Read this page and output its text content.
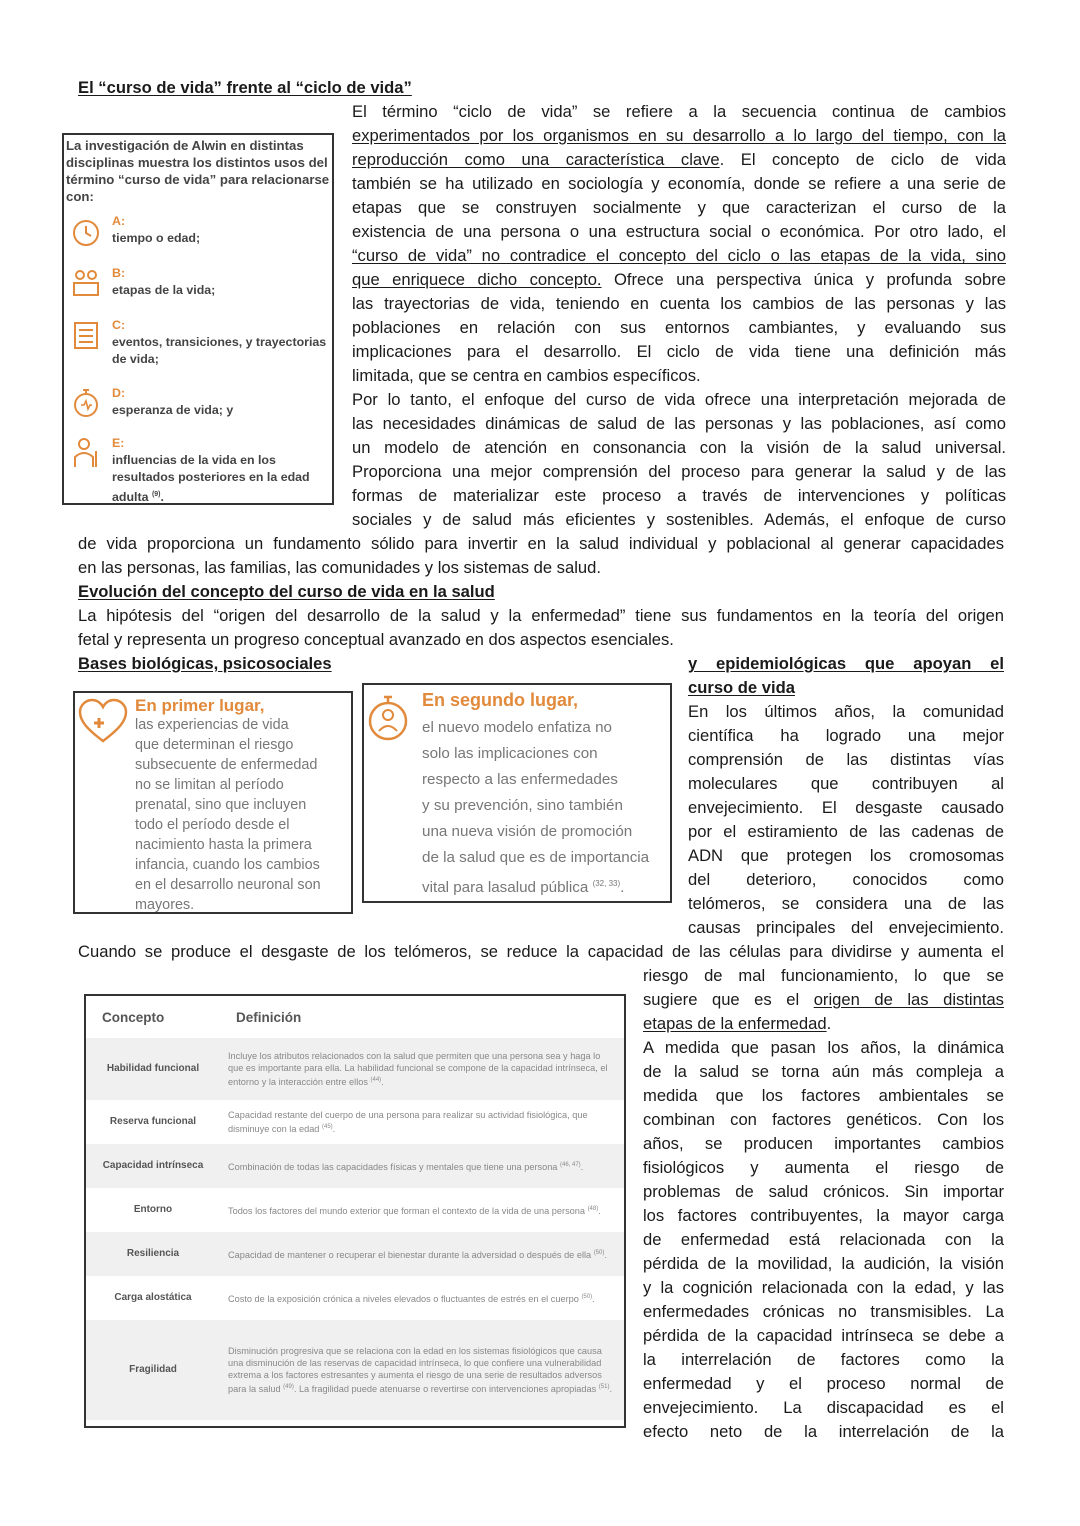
El “curso de vida” frente al “ciclo de vida”
El término “ciclo de vida” se refiere a la secuencia continua de cambios
experimentados por los organismos en su desarrollo a lo largo del tiempo, con la
reproducción como una característica clave. El concepto de ciclo de vida
también se ha utilizado en sociología y economía, donde se refiere a una serie de
etapas que se construyen socialmente y que caracterizan el curso de la
existencia de una persona o una estructura social o económica. Por otro lado, el
“curso de vida” no contradice el concepto del ciclo o las etapas de la vida, sino
que enriquece dicho concepto. Ofrece una perspectiva única y profunda sobre
las trayectorias de vida, teniendo en cuenta los cambios de las personas y las
poblaciones en relación con sus entornos cambiantes, y evaluando sus
implicaciones para el desarrollo. El ciclo de vida tiene una definición más
limitada, que se centra en cambios específicos.
Por lo tanto, el enfoque del curso de vida ofrece una interpretación mejorada de
las necesidades dinámicas de salud de las personas y las poblaciones, así como
un modelo de atención en consonancia con la visión de la salud universal.
Proporciona una mejor comprensión del proceso para generar la salud y de las
formas de materializar este proceso a través de intervenciones y políticas
sociales y de salud más eficientes y sostenibles. Además, el enfoque de curso
de vida proporciona un fundamento sólido para invertir en la salud individual y poblacional al generar capacidades
en las personas, las familias, las comunidades y los sistemas de salud.
La investigación de Alwin en distintas disciplinas muestra los distintos usos del término “curso de vida” para relacionarse con:
A:
tiempo o edad;
B:
etapas de la vida;
C:
eventos, transiciones, y trayectorias de vida;
D:
esperanza de vida; y
E:
influencias de la vida en los resultados posteriores en la edad adulta $^{(9)}$.
Evolución del concepto del curso de vida en la salud
La hipótesis del “origen del desarrollo de la salud y la enfermedad” tiene sus fundamentos en la teoría del origen
fetal y representa un progreso conceptual avanzado en dos aspectos esenciales.
Bases biológicas, psicosociales	y epidemiológicas que apoyan el
curso de vida
En primer lugar,
las experiencias de vida
que determinan el riesgo
subsecuente de enfermedad
no se limitan al período
prenatal, sino que incluyen
todo el período desde el
nacimiento hasta la primera
infancia, cuando los cambios
en el desarrollo neuronal son
mayores.
En segundo lugar,
el nuevo modelo enfatiza no
solo las implicaciones con
respecto a las enfermedades
y su prevención, sino también
una nueva visión de promoción
de la salud que es de importancia
vital para lasalud pública $^{(32, 33)}$.
En los últimos años, la comunidad
científica ha logrado una mejor
comprensión de las distintas vías
moleculares que contribuyen al
envejecimiento. El desgaste causado
por el estiramiento de las cadenas de
ADN que protegen los cromosomas
del deterioro, conocidos como
telómeros, se considera una de las
causas principales del envejecimiento.
Cuando se produce el desgaste de los telómeros, se reduce la capacidad de las células para dividirse y aumenta el
riesgo de mal funcionamiento, lo que se
sugiere que es el origen de las distintas
etapas de la enfermedad.
A medida que pasan los años, la dinámica
de la salud se torna aún más compleja a
medida que los factores ambientales se
combinan con factores genéticos. Con los
años, se producen importantes cambios
fisiológicos y aumenta el riesgo de
problemas de salud crónicos. Sin importar
los factores contribuyentes, la mayor carga
de enfermedad está relacionada con la
pérdida de la movilidad, la audición, la visión
y la cognición relacionada con la edad, y las
enfermedades crónicas no transmisibles. La
pérdida de la capacidad intrínseca se debe a
la interrelación de factores como la
enfermedad y el proceso normal de
envejecimiento. La discapacidad es el
efecto neto de la interrelación de la
Concepto	Definición
Habilidad funcional	Incluye los atributos relacionados con la salud que permiten que una persona sea y haga lo que es importante para ella. La habilidad funcional se compone de la capacidad intrínseca, el entorno y la interacción entre ellos $^{(44)}$.
Reserva funcional	Capacidad restante del cuerpo de una persona para realizar su actividad fisiológica, que disminuye con la edad $^{(45)}$.
Capacidad intrínseca	Combinación de todas las capacidades físicas y mentales que tiene una persona $^{(46, 47)}$.
Entorno	Todos los factores del mundo exterior que forman el contexto de la vida de una persona $^{(48)}$.
Resiliencia	Capacidad de mantener o recuperar el bienestar durante la adversidad o después de ella $^{(50)}$.
Carga alostática	Costo de la exposición crónica a niveles elevados o fluctuantes de estrés en el cuerpo $^{(50)}$.
Fragilidad	Disminución progresiva que se relaciona con la edad en los sistemas fisiológicos que causa una disminución de las reservas de capacidad intrínseca, lo que confiere una vulnerabilidad extrema a los factores estresantes y aumenta el riesgo de una serie de resultados adversos para la salud $^{(49)}$. La fragilidad puede atenuarse o revertirse con intervenciones apropiadas $^{(51)}$.
